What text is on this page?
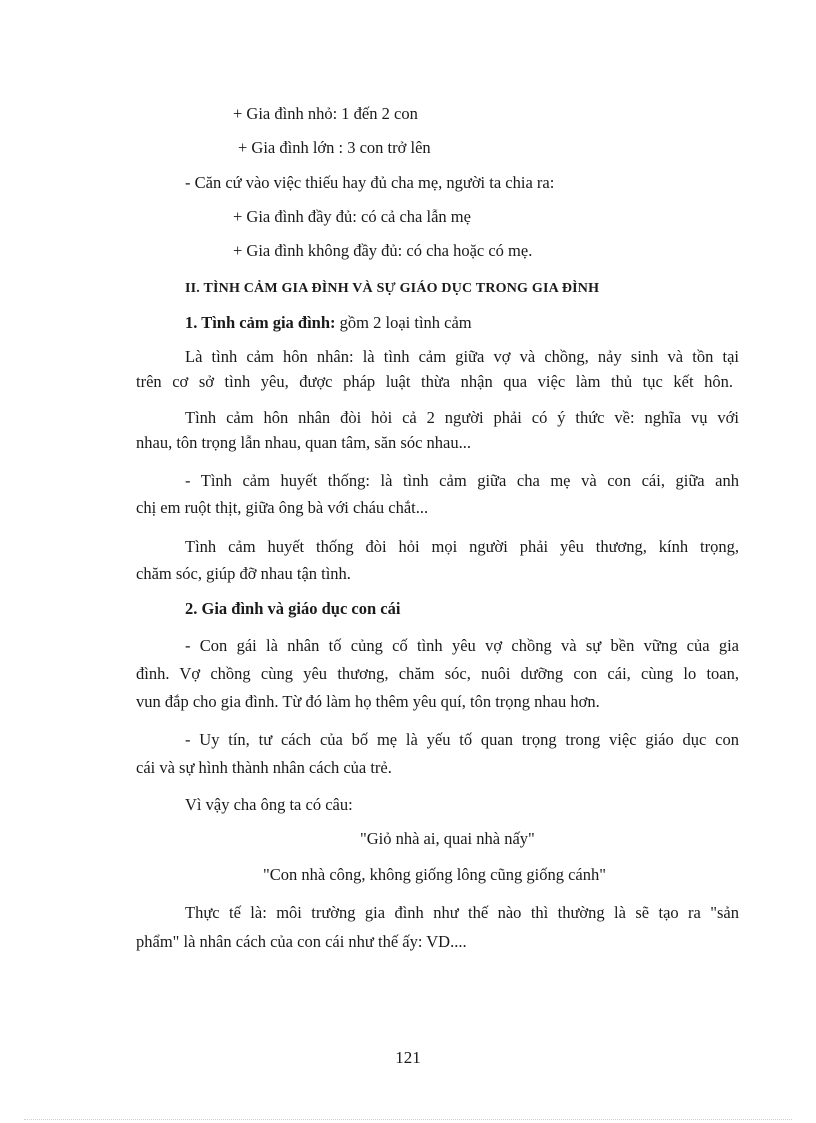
+ Gia đình nhỏ: 1 đến 2 con
+ Gia đình lớn : 3 con trở lên
- Căn cứ vào việc thiếu hay đủ cha mẹ, người ta chia ra:
+ Gia đình đầy đủ: có cả cha lẫn mẹ
+ Gia đình không đầy đủ: có cha hoặc có mẹ.
II. TÌNH CẢM GIA ĐÌNH VÀ SỰ GIÁO DỤC TRONG GIA ĐÌNH
1. Tình cảm gia đình: gồm 2 loại tình cảm
Là tình cảm hôn nhân: là tình cảm giữa vợ và chồng, nảy sinh và tồn tại
trên cơ sở tình yêu, được pháp luật thừa nhận qua việc làm thủ tục kết hôn.
Tình cảm hôn nhân đòi hỏi cả 2 người phải có ý thức về: nghĩa vụ với
nhau, tôn trọng lẫn nhau, quan tâm, săn sóc nhau...
- Tình cảm huyết thống: là tình cảm giữa cha mẹ và con cái, giữa anh
chị em ruột thịt, giữa ông bà với cháu chắt...
Tình cảm huyết thống đòi hỏi mọi người phải yêu thương, kính trọng,
chăm sóc, giúp đỡ nhau tận tình.
2. Gia đình và giáo dục con cái
- Con gái là nhân tố củng cố tình yêu vợ chồng và sự bền vững của gia
đình. Vợ chồng cùng yêu thương, chăm sóc, nuôi dưỡng con cái, cùng lo toan,
vun đắp cho gia đình. Từ đó làm họ thêm yêu quí, tôn trọng nhau hơn.
- Uy tín, tư cách của bố mẹ là yếu tố quan trọng trong việc giáo dục con
cái và sự hình thành nhân cách của trẻ.
Vì vậy cha ông ta có câu:
"Giỏ nhà ai, quai nhà nấy"
"Con nhà công, không giống lông cũng giống cánh"
Thực tế là: môi trường gia đình như thế nào thì thường là sẽ tạo ra "sản
phẩm" là nhân cách của con cái như thế ấy: VD....
121
